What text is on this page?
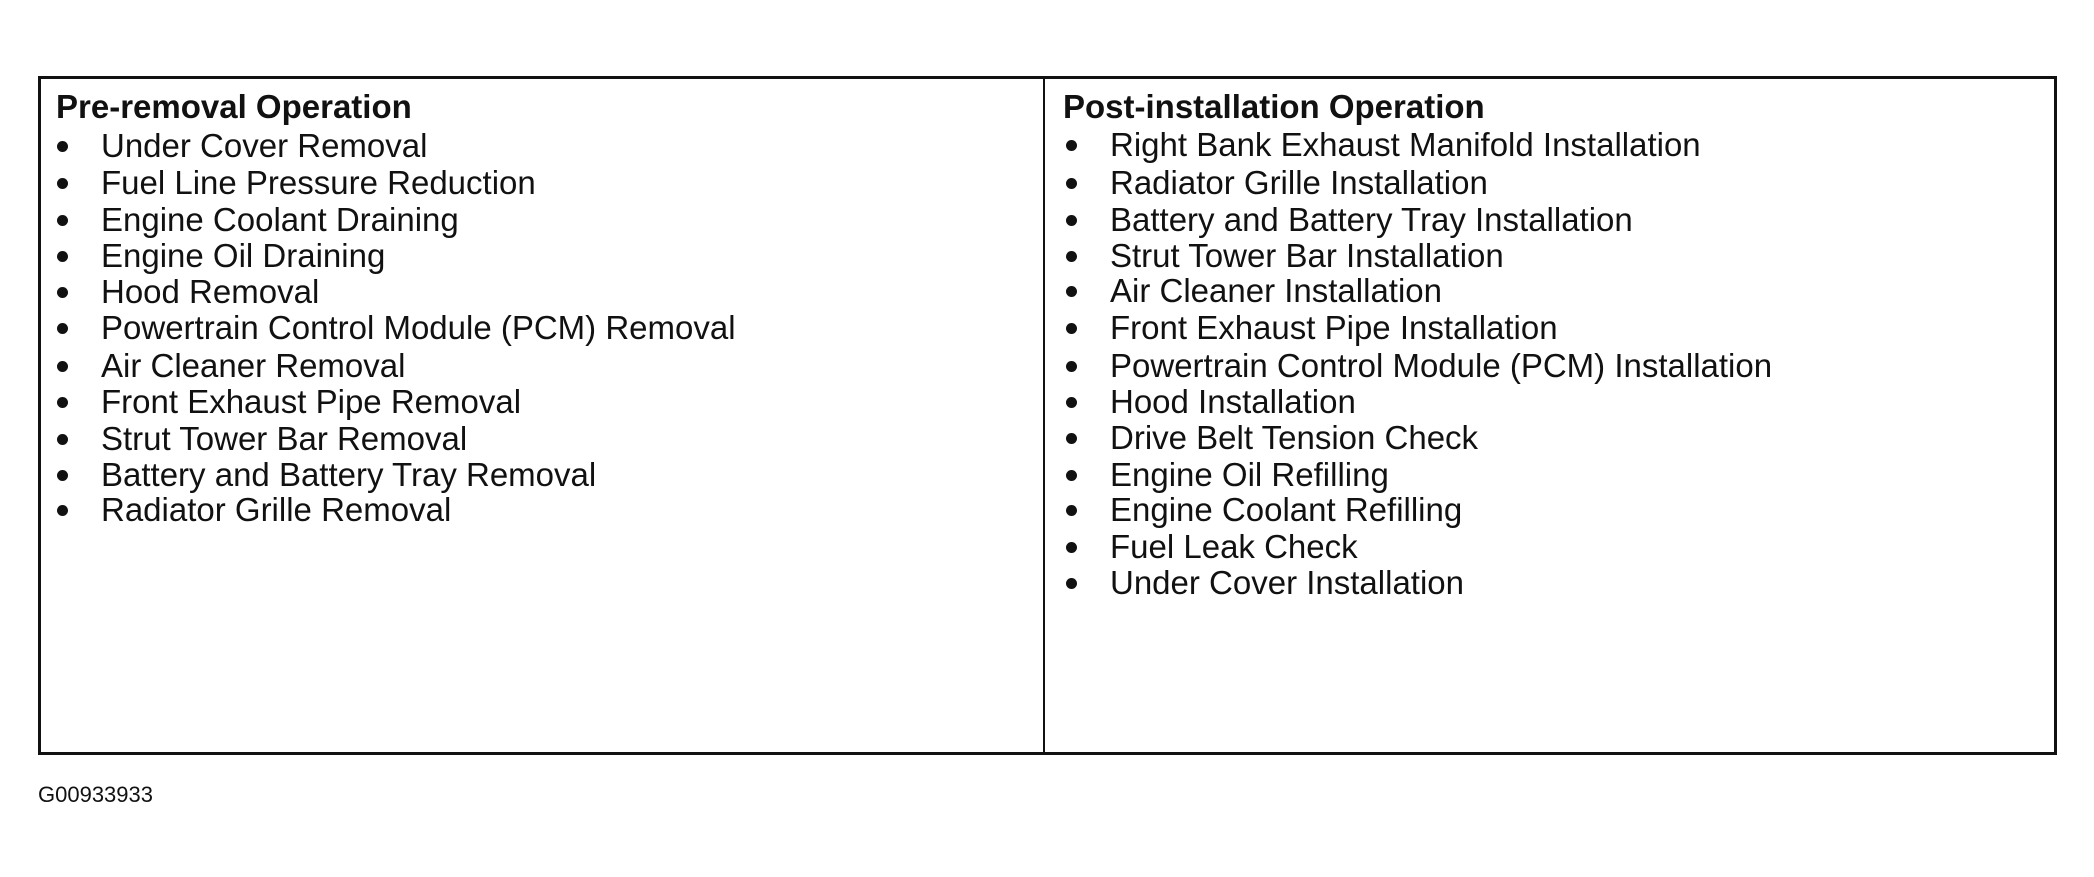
Pre-removal Operation
Under Cover Removal
Fuel Line Pressure Reduction
Engine Coolant Draining
Engine Oil Draining
Hood Removal
Powertrain Control Module (PCM) Removal
Air Cleaner Removal
Front Exhaust Pipe Removal
Strut Tower Bar Removal
Battery and Battery Tray Removal
Radiator Grille Removal
Post-installation Operation
Right Bank Exhaust Manifold Installation
Radiator Grille Installation
Battery and Battery Tray Installation
Strut Tower Bar Installation
Air Cleaner Installation
Front Exhaust Pipe Installation
Powertrain Control Module (PCM) Installation
Hood Installation
Drive Belt Tension Check
Engine Oil Refilling
Engine Coolant Refilling
Fuel Leak Check
Under Cover Installation
G00933933
